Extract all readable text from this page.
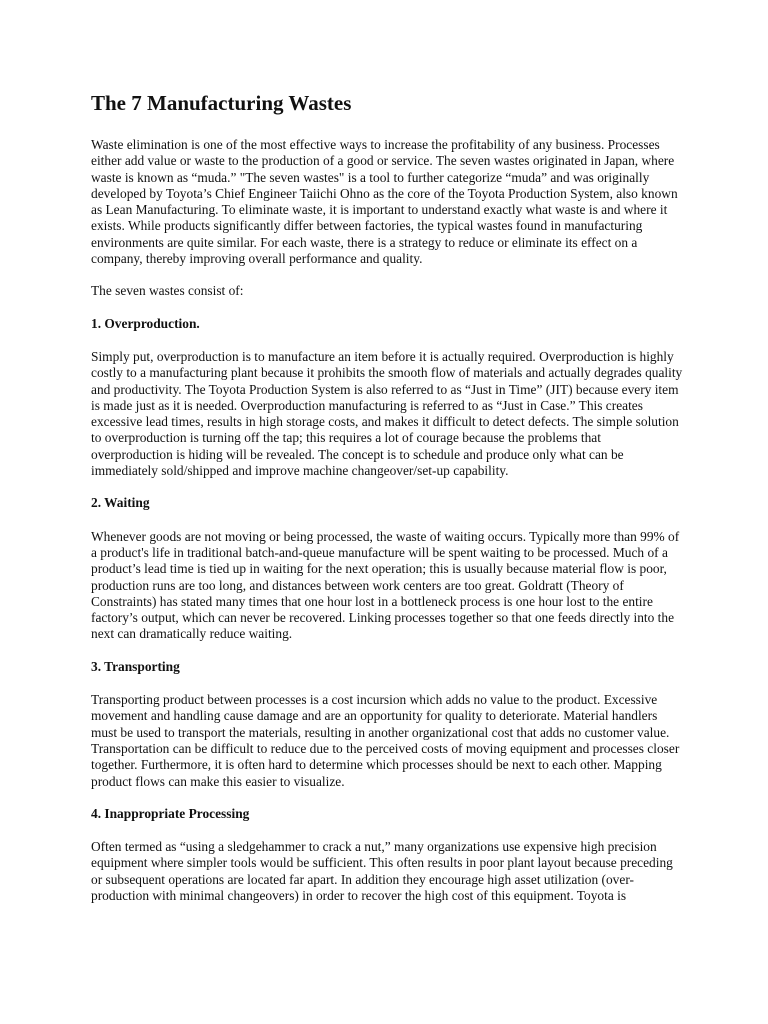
The 7 Manufacturing Wastes

Waste elimination is one of the most effective ways to increase the profitability of any business. Processes either add value or waste to the production of a good or service. The seven wastes originated in Japan, where waste is known as “muda.” "The seven wastes" is a tool to further categorize “muda” and was originally developed by Toyota’s Chief Engineer Taiichi Ohno as the core of the Toyota Production System, also known as Lean Manufacturing. To eliminate waste, it is important to understand exactly what waste is and where it exists. While products significantly differ between factories, the typical wastes found in manufacturing environments are quite similar. For each waste, there is a strategy to reduce or eliminate its effect on a company, thereby improving overall performance and quality.

The seven wastes consist of:

1. Overproduction.

Simply put, overproduction is to manufacture an item before it is actually required. Overproduction is highly costly to a manufacturing plant because it prohibits the smooth flow of materials and actually degrades quality and productivity. The Toyota Production System is also referred to as “Just in Time” (JIT) because every item is made just as it is needed. Overproduction manufacturing is referred to as “Just in Case.” This creates excessive lead times, results in high storage costs, and makes it difficult to detect defects. The simple solution to overproduction is turning off the tap; this requires a lot of courage because the problems that overproduction is hiding will be revealed. The concept is to schedule and produce only what can be immediately sold/shipped and improve machine changeover/set-up capability.

2. Waiting

Whenever goods are not moving or being processed, the waste of waiting occurs. Typically more than 99% of a product's life in traditional batch-and-queue manufacture will be spent waiting to be processed. Much of a product’s lead time is tied up in waiting for the next operation; this is usually because material flow is poor, production runs are too long, and distances between work centers are too great. Goldratt (Theory of Constraints) has stated many times that one hour lost in a bottleneck process is one hour lost to the entire factory’s output, which can never be recovered. Linking processes together so that one feeds directly into the next can dramatically reduce waiting.

3. Transporting

Transporting product between processes is a cost incursion which adds no value to the product. Excessive movement and handling cause damage and are an opportunity for quality to deteriorate. Material handlers must be used to transport the materials, resulting in another organizational cost that adds no customer value. Transportation can be difficult to reduce due to the perceived costs of moving equipment and processes closer together. Furthermore, it is often hard to determine which processes should be next to each other. Mapping product flows can make this easier to visualize.

4. Inappropriate Processing

Often termed as “using a sledgehammer to crack a nut,” many organizations use expensive high precision equipment where simpler tools would be sufficient. This often results in poor plant layout because preceding or subsequent operations are located far apart. In addition they encourage high asset utilization (over-production with minimal changeovers) in order to recover the high cost of this equipment. Toyota is
